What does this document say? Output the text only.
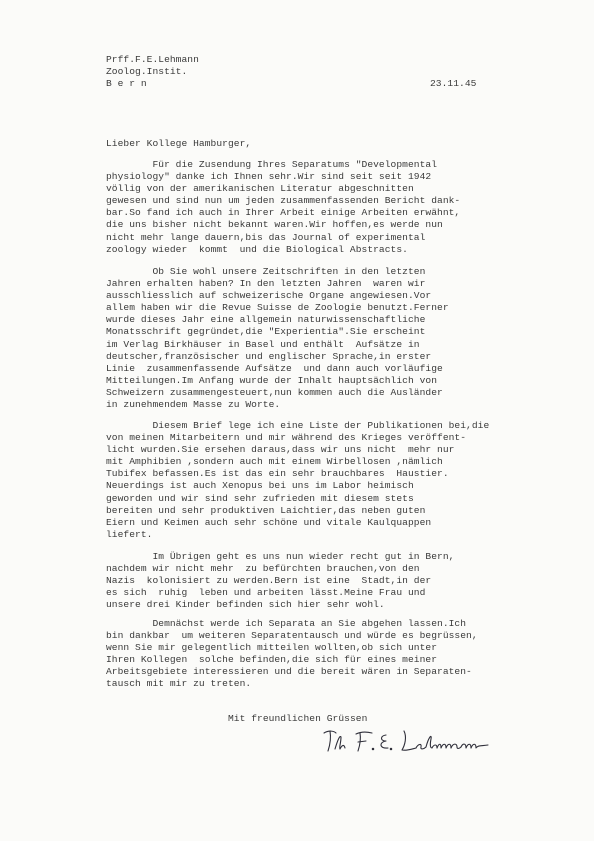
Prff.F.E.Lehmann
Zoolog.Instit.
B e r n	23.11.45
Lieber Kollege Hamburger,
Für die Zusendung Ihres Separatums "Developmental
physiology" danke ich Ihnen sehr.Wir sind seit seit 1942
völlig von der amerikanischen Literatur abgeschnitten
gewesen und sind nun um jeden zusammenfassenden Bericht dank-
bar.So fand ich auch in Ihrer Arbeit einige Arbeiten erwähnt,
die uns bisher nicht bekannt waren.Wir hoffen,es werde nun
nicht mehr lange dauern,bis das Journal of experimental
zoology wieder  kommt  und die Biological Abstracts.
Ob Sie wohl unsere Zeitschriften in den letzten
Jahren erhalten haben? In den letzten Jahren  waren wir
ausschliesslich auf schweizerische Organe angewiesen.Vor
allem haben wir die Revue Suisse de Zoologie benutzt.Ferner
wurde dieses Jahr eine allgemein naturwissenschaftliche
Monatsschrift gegründet,die "Experientia".Sie erscheint
im Verlag Birkhäuser in Basel und enthält  Aufsätze in
deutscher,französischer und englischer Sprache,in erster
Linie  zusammenfassende Aufsätze  und dann auch vorläufige
Mitteilungen.Im Anfang wurde der Inhalt hauptsächlich von
Schweizern zusammengesteuert,nun kommen auch die Ausländer
in zunehmendem Masse zu Worte.
Diesem Brief lege ich eine Liste der Publikationen bei,die
von meinen Mitarbeitern und mir während des Krieges veröffent-
licht wurden.Sie ersehen daraus,dass wir uns nicht  mehr nur
mit Amphibien ,sondern auch mit einem Wirbellosen ,nämlich
Tubifex befassen.Es ist das ein sehr brauchbares  Haustier.
Neuerdings ist auch Xenopus bei uns im Labor heimisch
geworden und wir sind sehr zufrieden mit diesem stets
bereiten und sehr produktiven Laichtier,das neben guten
Eiern und Keimen auch sehr schöne und vitale Kaulquappen
liefert.
Im Übrigen geht es uns nun wieder recht gut in Bern,
nachdem wir nicht mehr  zu befürchten brauchen,von den
Nazis  kolonisiert zu werden.Bern ist eine  Stadt,in der
es sich  ruhig  leben und arbeiten lässt.Meine Frau und
unsere drei Kinder befinden sich hier sehr wohl.
Demnächst werde ich Separata an Sie abgehen lassen.Ich
bin dankbar  um weiteren Separatentausch und würde es begrüssen,
wenn Sie mir gelegentlich mitteilen wollten,ob sich unter
Ihren Kollegen  solche befinden,die sich für eines meiner
Arbeitsgebiete interessieren und die bereit wären in Separaten-
tausch mit mir zu treten.
Mit freundlichen Grüssen
